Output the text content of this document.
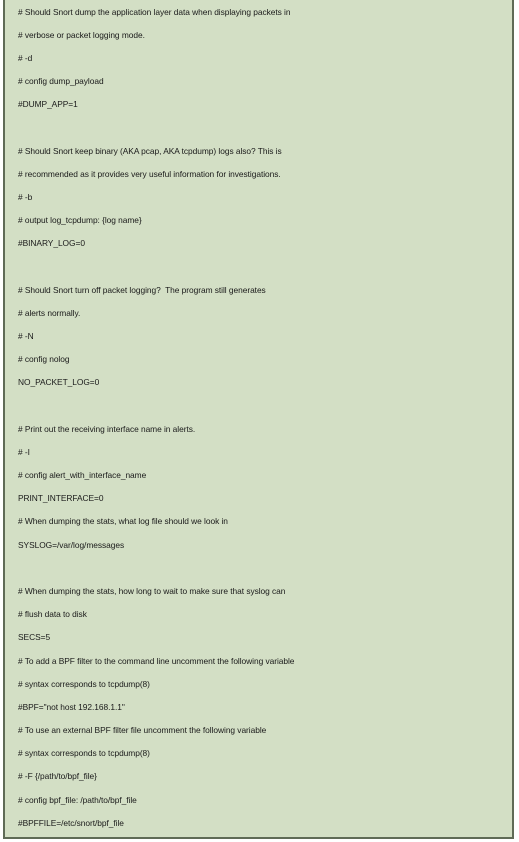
# Should Snort dump the application layer data when displaying packets in
# verbose or packet logging mode.
# -d
# config dump_payload
#DUMP_APP=1
# Should Snort keep binary (AKA pcap, AKA tcpdump) logs also? This is
# recommended as it provides very useful information for investigations.
# -b
# output log_tcpdump: {log name}
#BINARY_LOG=0
# Should Snort turn off packet logging?  The program still generates
# alerts normally.
# -N
# config nolog
NO_PACKET_LOG=0
# Print out the receiving interface name in alerts.
# -I
# config alert_with_interface_name
PRINT_INTERFACE=0
# When dumping the stats, what log file should we look in
SYSLOG=/var/log/messages
# When dumping the stats, how long to wait to make sure that syslog can
# flush data to disk
SECS=5
# To add a BPF filter to the command line uncomment the following variable
# syntax corresponds to tcpdump(8)
#BPF="not host 192.168.1.1"
# To use an external BPF filter file uncomment the following variable
# syntax corresponds to tcpdump(8)
# -F {/path/to/bpf_file}
# config bpf_file: /path/to/bpf_file
#BPFFILE=/etc/snort/bpf_file
